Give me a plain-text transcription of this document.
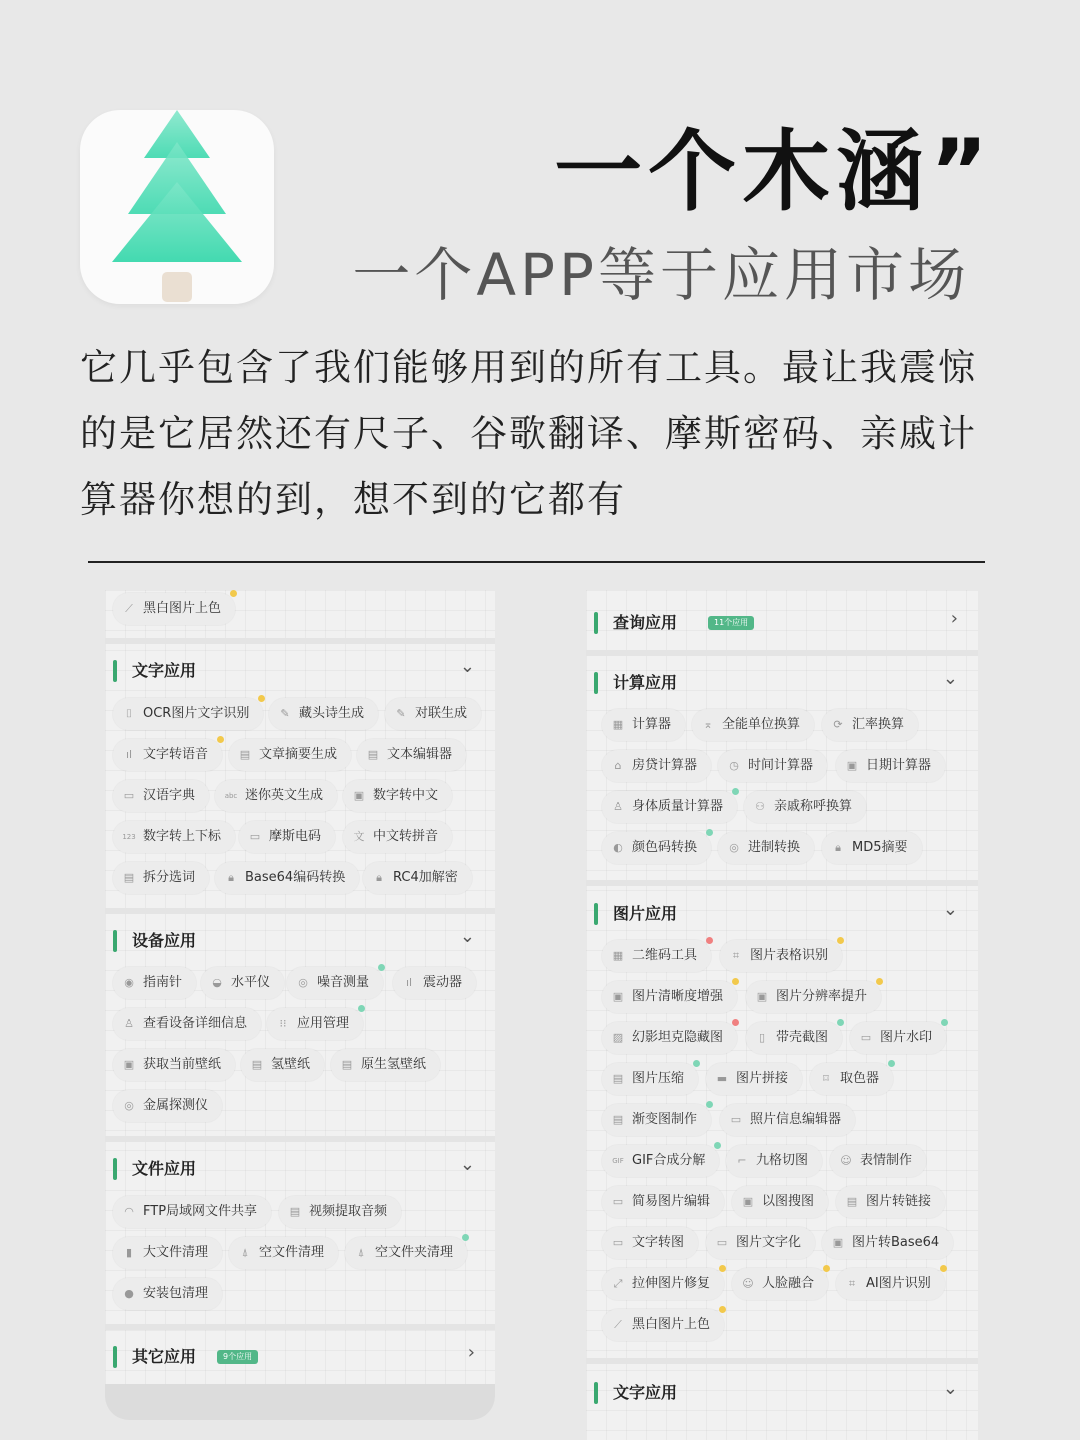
一个木涵”
一个APP等于应用市场
它几乎包含了我们能够用到的所有工具。最让我震惊的是它居然还有尺子、谷歌翻译、摩斯密码、亲戚计算器你想的到，想不到的它都有
⟋ 黑白图片上色
文字应用	⌄
⌷ OCR图片文字识别	✎ 藏头诗生成	✎ 对联生成
ıl 文字转语音	▤ 文章摘要生成	▤ 文本编辑器
▭ 汉语字典	abc 迷你英文生成	▣ 数字转中文
123 数字转上下标	▭ 摩斯电码	文 中文转拼音
▤ 拆分选词	🔒︎ Base64编码转换	🔒︎ RC4加解密
设备应用	⌄
◉ 指南针	◒ 水平仪	◎ 噪音测量	ıl 震动器
♙ 查看设备详细信息	⁝⁝ 应用管理
▣ 获取当前壁纸	▤ 氢壁纸	▤ 原生氢壁纸
◎ 金属探测仪
文件应用	⌄
◠ FTP局域网文件共享	▤ 视频提取音频
▮ 大文件清理	⍋ 空文件清理	⍋ 空文件夹清理
● 安装包清理
其它应用	9个应用	›
查询应用	11个应用	›
计算应用	⌄
▦ 计算器	⌅ 全能单位换算	⟳ 汇率换算
⌂ 房贷计算器	◷ 时间计算器	▣ 日期计算器
♙ 身体质量计算器	⚇ 亲戚称呼换算
◐ 颜色码转换	◎ 进制转换	🔒︎ MD5摘要
图片应用	⌄
▦ 二维码工具	⌗ 图片表格识别
▣ 图片清晰度增强	▣ 图片分辨率提升
▨ 幻影坦克隐藏图	▯ 带壳截图	▭ 图片水印
▤ 图片压缩	▬ 图片拼接	⌑ 取色器
▤ 渐变图制作	▭ 照片信息编辑器
GIF GIF合成分解	⌐ 九格切图	☺ 表情制作
▭ 简易图片编辑	▣ 以图搜图	▤ 图片转链接
▭ 文字转图	▭ 图片文字化	▣ 图片转Base64
⤢ 拉伸图片修复	☺ 人脸融合	⌗ AI图片识别
⟋ 黑白图片上色
文字应用	⌄
